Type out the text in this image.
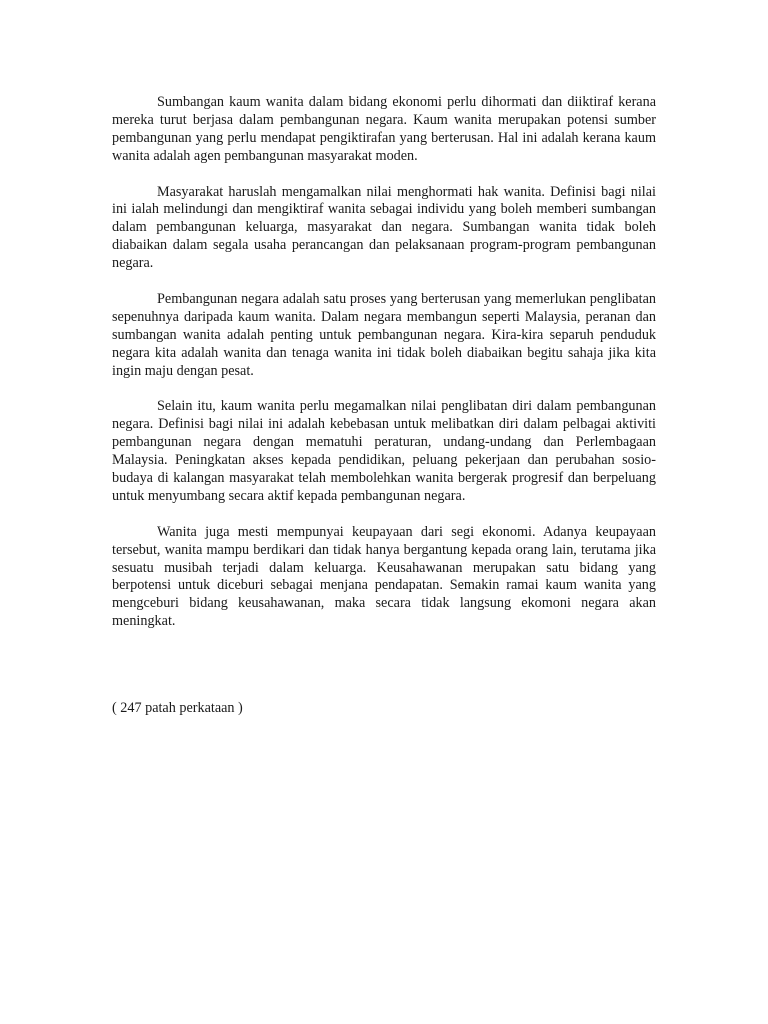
Sumbangan kaum wanita dalam bidang ekonomi perlu dihormati dan diiktiraf kerana mereka turut berjasa dalam pembangunan negara. Kaum wanita merupakan potensi sumber pembangunan yang perlu mendapat pengiktirafan yang berterusan. Hal ini adalah kerana kaum wanita adalah agen pembangunan masyarakat moden.

Masyarakat haruslah mengamalkan nilai menghormati hak wanita. Definisi bagi nilai ini ialah melindungi dan mengiktiraf wanita sebagai individu yang boleh memberi sumbangan dalam pembangunan keluarga, masyarakat dan negara. Sumbangan wanita tidak boleh diabaikan dalam segala usaha perancangan dan pelaksanaan program-program pembangunan negara.

Pembangunan negara adalah satu proses yang berterusan yang memerlukan penglibatan sepenuhnya daripada kaum wanita. Dalam negara membangun seperti Malaysia, peranan dan sumbangan wanita adalah penting untuk pembangunan negara. Kira-kira separuh penduduk negara kita adalah wanita dan tenaga wanita ini tidak boleh diabaikan begitu sahaja jika kita ingin maju dengan pesat.

Selain itu, kaum wanita perlu megamalkan nilai penglibatan diri dalam pembangunan negara. Definisi bagi nilai ini adalah kebebasan untuk melibatkan diri dalam pelbagai aktiviti pembangunan negara dengan mematuhi peraturan, undang-undang dan Perlembagaan Malaysia. Peningkatan akses kepada pendidikan, peluang pekerjaan dan perubahan sosio-budaya di kalangan masyarakat telah membolehkan wanita bergerak progresif dan berpeluang untuk menyumbang secara aktif kepada pembangunan negara.

Wanita juga mesti mempunyai keupayaan dari segi ekonomi. Adanya keupayaan tersebut, wanita mampu berdikari dan tidak hanya bergantung kepada orang lain, terutama jika sesuatu musibah terjadi dalam keluarga. Keusahawanan merupakan satu bidang yang berpotensi untuk diceburi sebagai menjana pendapatan. Semakin ramai kaum wanita yang mengceburi bidang keusahawanan, maka secara tidak langsung ekomoni negara akan meningkat.

( 247 patah perkataan )
